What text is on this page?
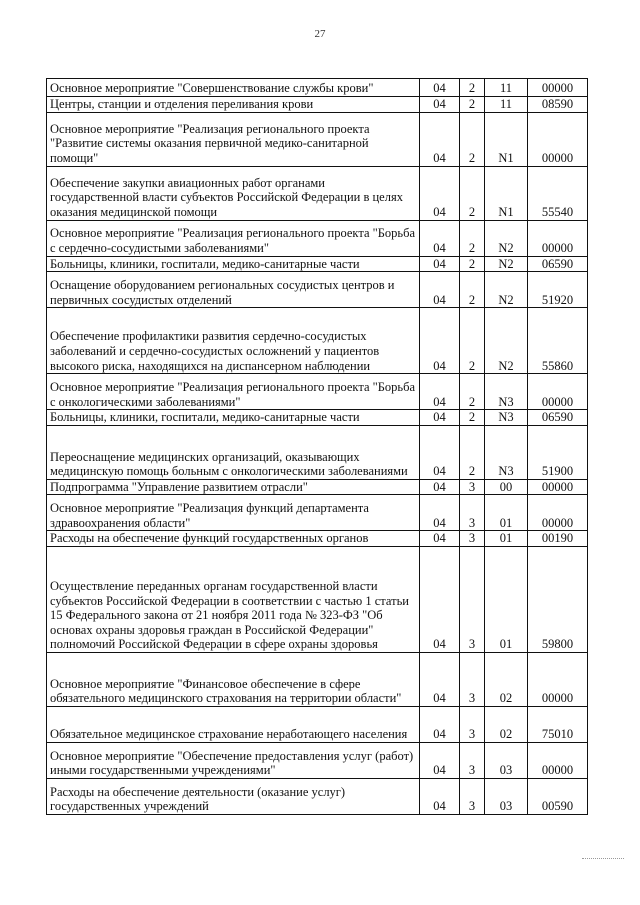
27
Основное мероприятие "Совершенствование службы крови"	04	2	11	00000
Центры, станции и отделения переливания крови	04	2	11	08590
Основное мероприятие "Реализация регионального проекта "Развитие системы оказания первичной медико-санитарной помощи"	04	2	N1	00000
Обеспечение закупки авиационных работ органами государственной власти субъектов Российской Федерации в целях оказания медицинской помощи	04	2	N1	55540
Основное мероприятие "Реализация регионального проекта "Борьба с сердечно-сосудистыми заболеваниями"	04	2	N2	00000
Больницы, клиники, госпитали, медико-санитарные части	04	2	N2	06590
Оснащение оборудованием региональных сосудистых центров и первичных сосудистых отделений	04	2	N2	51920
Обеспечение профилактики развития сердечно-сосудистых заболеваний и сердечно-сосудистых осложнений у пациентов высокого риска, находящихся на диспансерном наблюдении	04	2	N2	55860
Основное мероприятие "Реализация регионального проекта "Борьба с онкологическими заболеваниями"	04	2	N3	00000
Больницы, клиники, госпитали, медико-санитарные части	04	2	N3	06590
Переоснащение медицинских организаций, оказывающих медицинскую помощь больным с онкологическими заболеваниями	04	2	N3	51900
Подпрограмма "Управление развитием отрасли"	04	3	00	00000
Основное мероприятие "Реализация функций департамента здравоохранения области"	04	3	01	00000
Расходы на обеспечение функций государственных органов	04	3	01	00190
Осуществление переданных органам государственной власти субъектов Российской Федерации в соответствии с частью 1 статьи 15 Федерального закона от 21 ноября 2011 года № 323-ФЗ "Об основах охраны здоровья граждан в Российской Федерации" полномочий Российской Федерации в сфере охраны здоровья	04	3	01	59800
Основное мероприятие "Финансовое обеспечение в сфере обязательного медицинского страхования на территории области"	04	3	02	00000
Обязательное медицинское страхование неработающего населения	04	3	02	75010
Основное мероприятие "Обеспечение предоставления услуг (работ) иными государственными учреждениями"	04	3	03	00000
Расходы на обеспечение деятельности (оказание услуг) государственных учреждений	04	3	03	00590
